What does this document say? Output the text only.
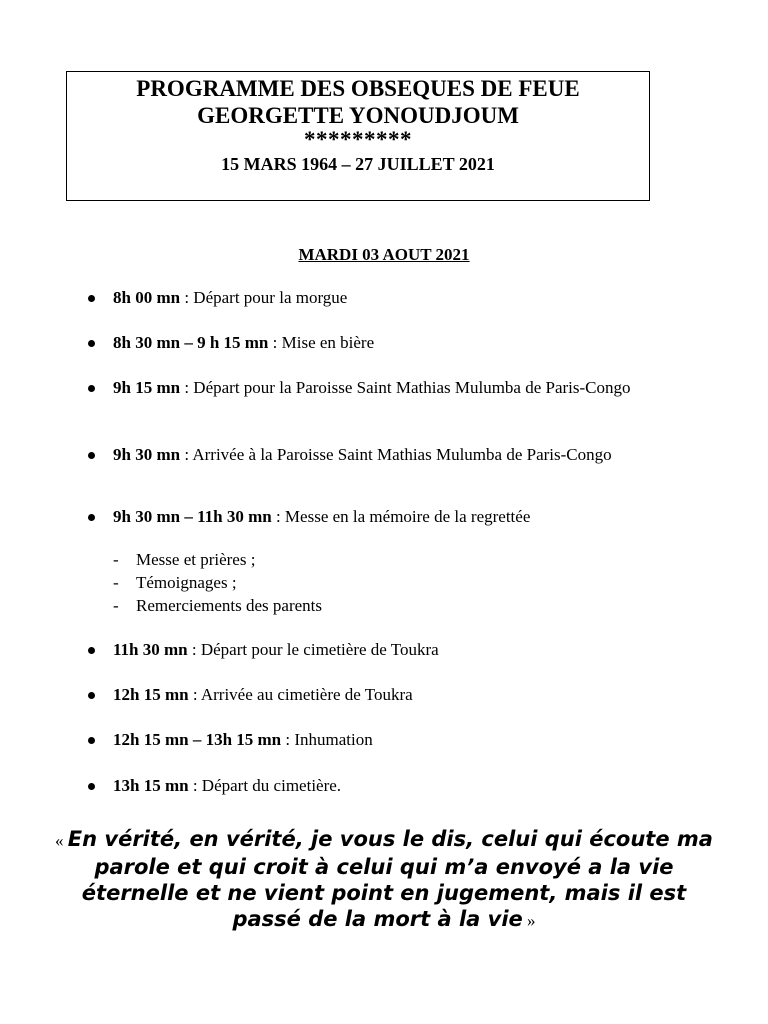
PROGRAMME DES OBSEQUES DE FEUE
GEORGETTE YONOUDJOUM
*********
15 MARS 1964 – 27 JUILLET 2021
MARDI 03 AOUT 2021
8h 00 mn : Départ pour la morgue
8h 30 mn – 9 h 15 mn : Mise en bière
9h 15 mn : Départ pour la Paroisse Saint Mathias Mulumba de Paris-Congo
9h 30 mn : Arrivée à la Paroisse Saint Mathias Mulumba de Paris-Congo
9h 30 mn – 11h 30 mn : Messe en la mémoire de la regrettée
- Messe et prières ;
- Témoignages ;
- Remerciements des parents
11h 30 mn : Départ pour le cimetière de Toukra
12h 15 mn : Arrivée au cimetière de Toukra
12h 15 mn – 13h 15 mn : Inhumation
13h 15 mn : Départ du cimetière.
« En vérité, en vérité, je vous le dis, celui qui écoute ma parole et qui croit à celui qui m’a envoyé a la vie éternelle et ne vient point en jugement, mais il est passé de la mort à la vie »
